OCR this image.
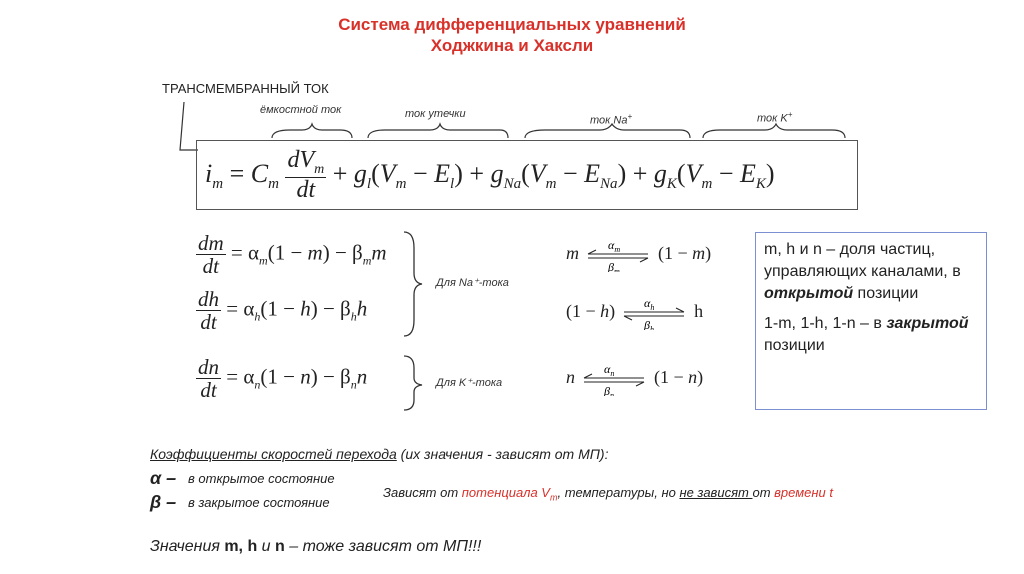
Система дифференциальных уравнений
Ходжкина и Хаксли
ТРАНСМЕМБРАННЫЙ ТОК
ёмкостной ток	ток утечки
ток Na+	ток K+
$i_m = C_m \frac{dV_m}{dt} + g_l(V_m - E_l) + g_{Na}(V_m - E_{Na}) + g_K(V_m - E_K)$
$\frac{dm}{dt} = \alpha_m(1 - m) - \beta_mm$
$\frac{dh}{dt} = \alpha_h(1 - h) - \beta_hh$
$\frac{dn}{dt} = \alpha_n(1 - n) - \beta_nn$
Для Na⁺-тока
Для K⁺-тока
m $\alpha_m$
$\beta_m$
(1 − m)
(1 − h) $\alpha_h$
$\beta_h$
h
n $\alpha_n$
$\beta_n$
(1 − n)

m, h и n – доля частиц, управляющих каналами, в открытой позиции

1-m, 1-h, 1-n – в закрытой позиции

Коэффициенты скоростей перехода (их значения - зависят от МП):
α – в открытое состояние
β – в закрытое состояние
Зависят от потенциала $V_m$, температуры, но не зависят от времени t
Значения m, h и n – тоже зависят от МП!!!
